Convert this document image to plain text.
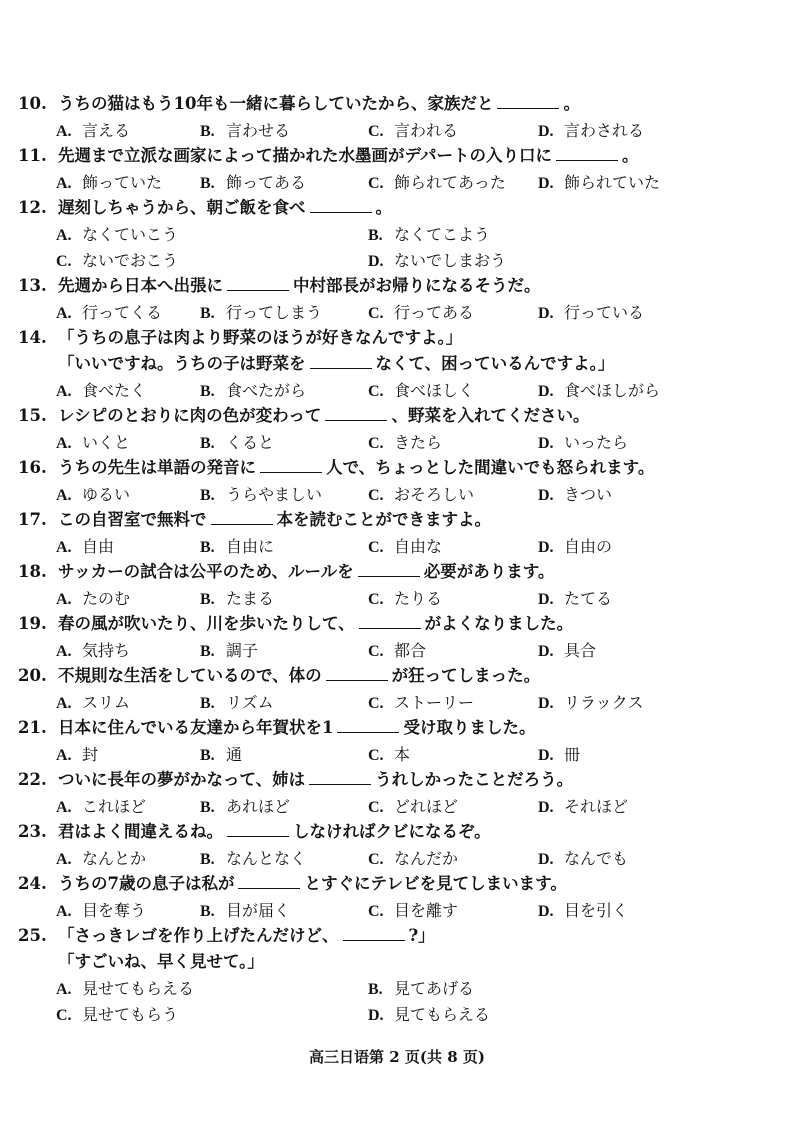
10. うちの猫はもう10年も一緒に暮らしていたから、家族だと	。
A. 言える	B. 言わせる	C. 言われる	D. 言わされる
11. 先週まで立派な画家によって描かれた水墨画がデパートの入り口に	。
A. 飾っていた B. 飾ってある	C. 飾られてあった D. 飾られていた
12. 遅刻しちゃうから、朝ご飯を食べ	。
A. なくていこう	B. なくてこよう
C. ないでおこう	D. ないでしまおう
13. 先週から日本へ出張に	中村部長がお帰りになるそうだ。
A. 行ってくる B. 行ってしまう	C. 行ってある	D. 行っている
14. 「うちの息子は肉より野菜のほうが好きなんですよ。」
「いいですね。うちの子は野菜を	なくて、困っているんですよ。」
A. 食べたく	B. 食べたがら	C. 食べほしく	D. 食べほしがら
15. レシピのとおりに肉の色が変わって	、野菜を入れてください。
A. いくと	B. くると	C. きたら	D. いったら
16. うちの先生は単語の発音に	人で、ちょっとした間違いでも怒られます。
A. ゆるい	B. うらやましい	C. おそろしい	D. きつい
17. この自習室で無料で	本を読むことができますよ。
A. 自由	B. 自由に	C. 自由な	D. 自由の
18. サッカーの試合は公平のため、ルールを	必要があります。
A. たのむ	B. たまる	C. たりる	D. たてる
19. 春の風が吹いたり、川を歩いたりして、	がよくなりました。
A. 気持ち	B. 調子	C. 都合	D. 具合
20. 不規則な生活をしているので、体の	が狂ってしまった。
A. スリム	B. リズム	C. ストーリー	D. リラックス
21. 日本に住んでいる友達から年賀状を1	受け取りました。
A. 封	B. 通	C. 本	D. 冊
22. ついに長年の夢がかなって、姉は	うれしかったことだろう。
A. これほど	B. あれほど	C. どれほど	D. それほど
23. 君はよく間違えるね。	しなければクビになるぞ。
A. なんとか	B. なんとなく	C. なんだか	D. なんでも
24. うちの7歳の息子は私が	とすぐにテレビを見てしまいます。
A. 目を奪う	B. 目が届く	C. 目を離す	D. 目を引く
25. 「さっきレゴを作り上げたんだけど、	?」
「すごいね、早く見せて。」
A. 見せてもらえる	B. 見てあげる
C. 見せてもらう	D. 見てもらえる
高三日语第 2 页(共 8 页)
